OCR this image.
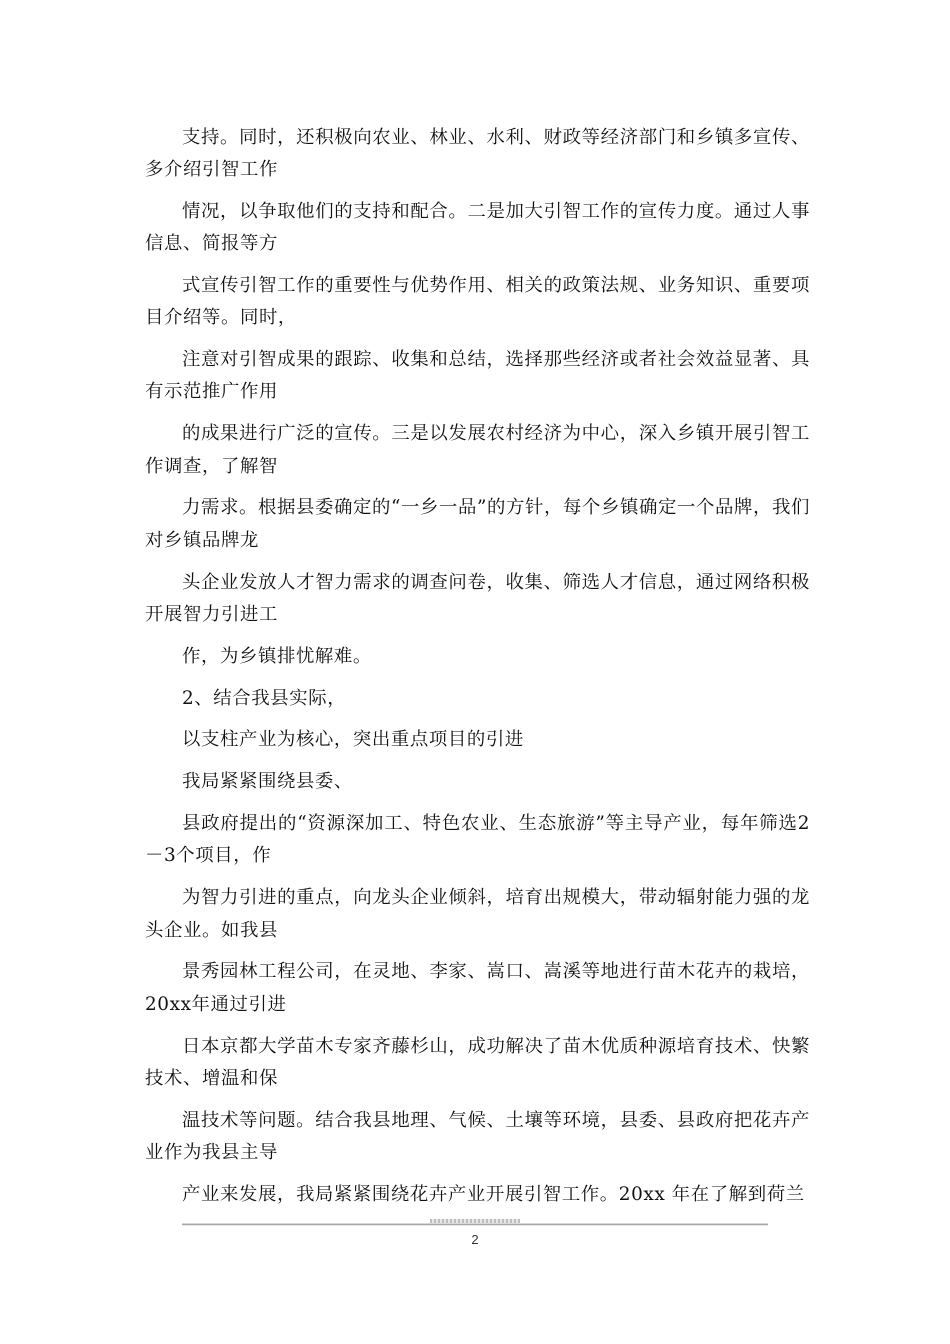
支持。同时，还积极向农业、林业、水利、财政等经济部门和乡镇多宣传、多介绍引智工作

情况，以争取他们的支持和配合。二是加大引智工作的宣传力度。通过人事信息、简报等方

式宣传引智工作的重要性与优势作用、相关的政策法规、业务知识、重要项目介绍等。同时，

注意对引智成果的跟踪、收集和总结，选择那些经济或者社会效益显著、具有示范推广作用

的成果进行广泛的宣传。三是以发展农村经济为中心，深入乡镇开展引智工作调查，了解智

力需求。根据县委确定的“一乡一品”的方针，每个乡镇确定一个品牌，我们对乡镇品牌龙

头企业发放人才智力需求的调查问卷，收集、筛选人才信息，通过网络积极开展智力引进工

作，为乡镇排忧解难。

2、结合我县实际，

以支柱产业为核心，突出重点项目的引进

我局紧紧围绕县委、

县政府提出的“资源深加工、特色农业、生态旅游”等主导产业，每年筛选2－3个项目，作

为智力引进的重点，向龙头企业倾斜，培育出规模大，带动辐射能力强的龙头企业。如我县

景秀园林工程公司，在灵地、李家、嵩口、嵩溪等地进行苗木花卉的栽培，20xx年通过引进

日本京都大学苗木专家齐藤杉山，成功解决了苗木优质种源培育技术、快繁技术、增温和保

温技术等问题。结合我县地理、气候、土壤等环境，县委、县政府把花卉产业作为我县主导

产业来发展，我局紧紧围绕花卉产业开展引智工作。20xx 年在了解到荷兰

2
